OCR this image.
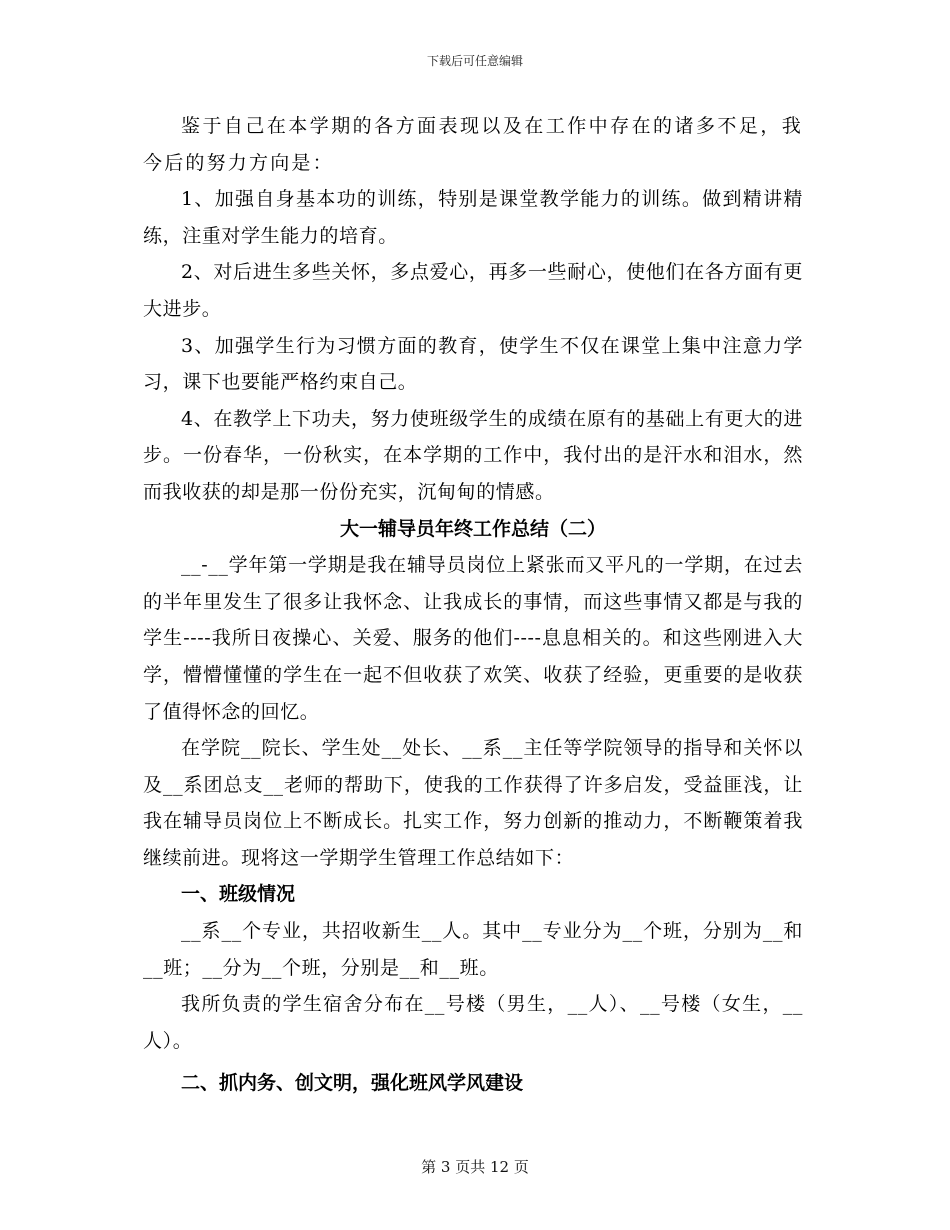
下载后可任意编辑

鉴于自己在本学期的各方面表现以及在工作中存在的诸多不足，我今后的努力方向是：

1、加强自身基本功的训练，特别是课堂教学能力的训练。做到精讲精练，注重对学生能力的培育。

2、对后进生多些关怀，多点爱心，再多一些耐心，使他们在各方面有更大进步。

3、加强学生行为习惯方面的教育，使学生不仅在课堂上集中注意力学习，课下也要能严格约束自己。

4、在教学上下功夫，努力使班级学生的成绩在原有的基础上有更大的进步。一份春华，一份秋实，在本学期的工作中，我付出的是汗水和泪水，然而我收获的却是那一份份充实，沉甸甸的情感。

大一辅导员年终工作总结（二）

__-__学年第一学期是我在辅导员岗位上紧张而又平凡的一学期，在过去的半年里发生了很多让我怀念、让我成长的事情，而这些事情又都是与我的学生----我所日夜操心、关爱、服务的他们----息息相关的。和这些刚进入大学，懵懵懂懂的学生在一起不但收获了欢笑、收获了经验，更重要的是收获了值得怀念的回忆。

在学院__院长、学生处__处长、__系__主任等学院领导的指导和关怀以及__系团总支__老师的帮助下，使我的工作获得了许多启发，受益匪浅，让我在辅导员岗位上不断成长。扎实工作，努力创新的推动力，不断鞭策着我继续前进。现将这一学期学生管理工作总结如下：

一、班级情况

__系__个专业，共招收新生__人。其中__专业分为__个班，分别为__和__班；__分为__个班，分别是__和__班。

我所负责的学生宿舍分布在__号楼（男生，__人）、__号楼（女生，__人）。

二、抓内务、创文明，强化班风学风建设
第 3 页共 12 页
